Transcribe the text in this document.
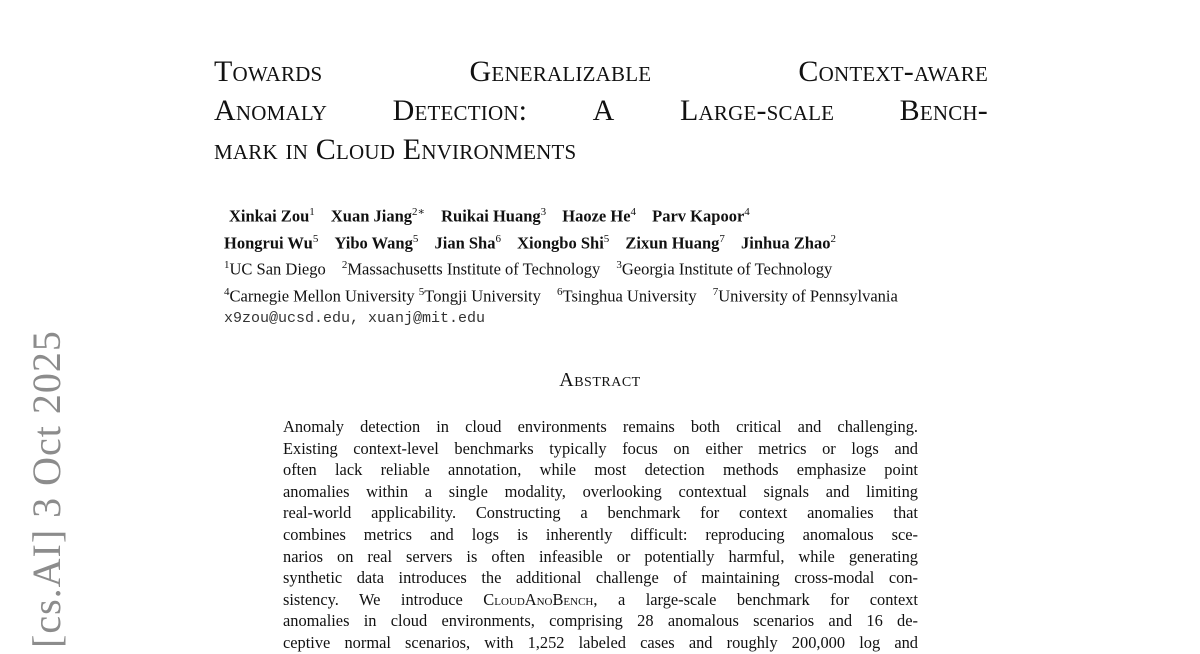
[cs.AI] 3 Oct 2025
Towards	Generalizable	Context-aware
Anomaly Detection: A Large-scale Bench-
mark in Cloud Environments
Xinkai Zou$^1$ Xuan Jiang$^{2∗}$ Ruikai Huang$^3$ Haoze He$^4$ Parv Kapoor$^4$
Hongrui Wu$^5$ Yibo Wang$^5$ Jian Sha$^6$ Xiongbo Shi$^5$ Zixun Huang$^7$ Jinhua Zhao$^2$
$^1$UC San Diego $^2$Massachusetts Institute of Technology $^3$Georgia Institute of Technology
$^4$Carnegie Mellon University $^5$Tongji University $^6$Tsinghua University $^7$University of Pennsylvania
x9zou@ucsd.edu, xuanj@mit.edu
Abstract
Anomaly detection in cloud environments remains both critical and challenging.
Existing context-level benchmarks typically focus on either metrics or logs and
often lack reliable annotation, while most detection methods emphasize point
anomalies within a single modality, overlooking contextual signals and limiting
real-world applicability. Constructing a benchmark for context anomalies that
combines metrics and logs is inherently difficult: reproducing anomalous sce-
narios on real servers is often infeasible or potentially harmful, while generating
synthetic data introduces the additional challenge of maintaining cross-modal con-
sistency. We introduce CloudAnoBench, a large-scale benchmark for context
anomalies in cloud environments, comprising 28 anomalous scenarios and 16 de-
ceptive normal scenarios, with 1,252 labeled cases and roughly 200,000 log and
